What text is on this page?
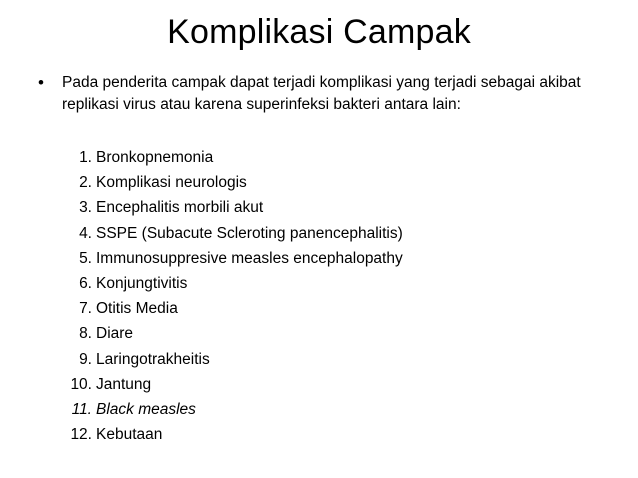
Komplikasi Campak
• Pada penderita campak dapat terjadi komplikasi yang terjadi sebagai akibat replikasi virus atau karena superinfeksi bakteri antara lain:
1. Bronkopnemonia
2. Komplikasi neurologis
3. Encephalitis morbili akut
4. SSPE (Subacute Scleroting panencephalitis)
5. Immunosuppresive measles encephalopathy
6. Konjungtivitis
7. Otitis Media
8. Diare
9. Laringotrakheitis
10. Jantung
11. Black measles
12. Kebutaan
